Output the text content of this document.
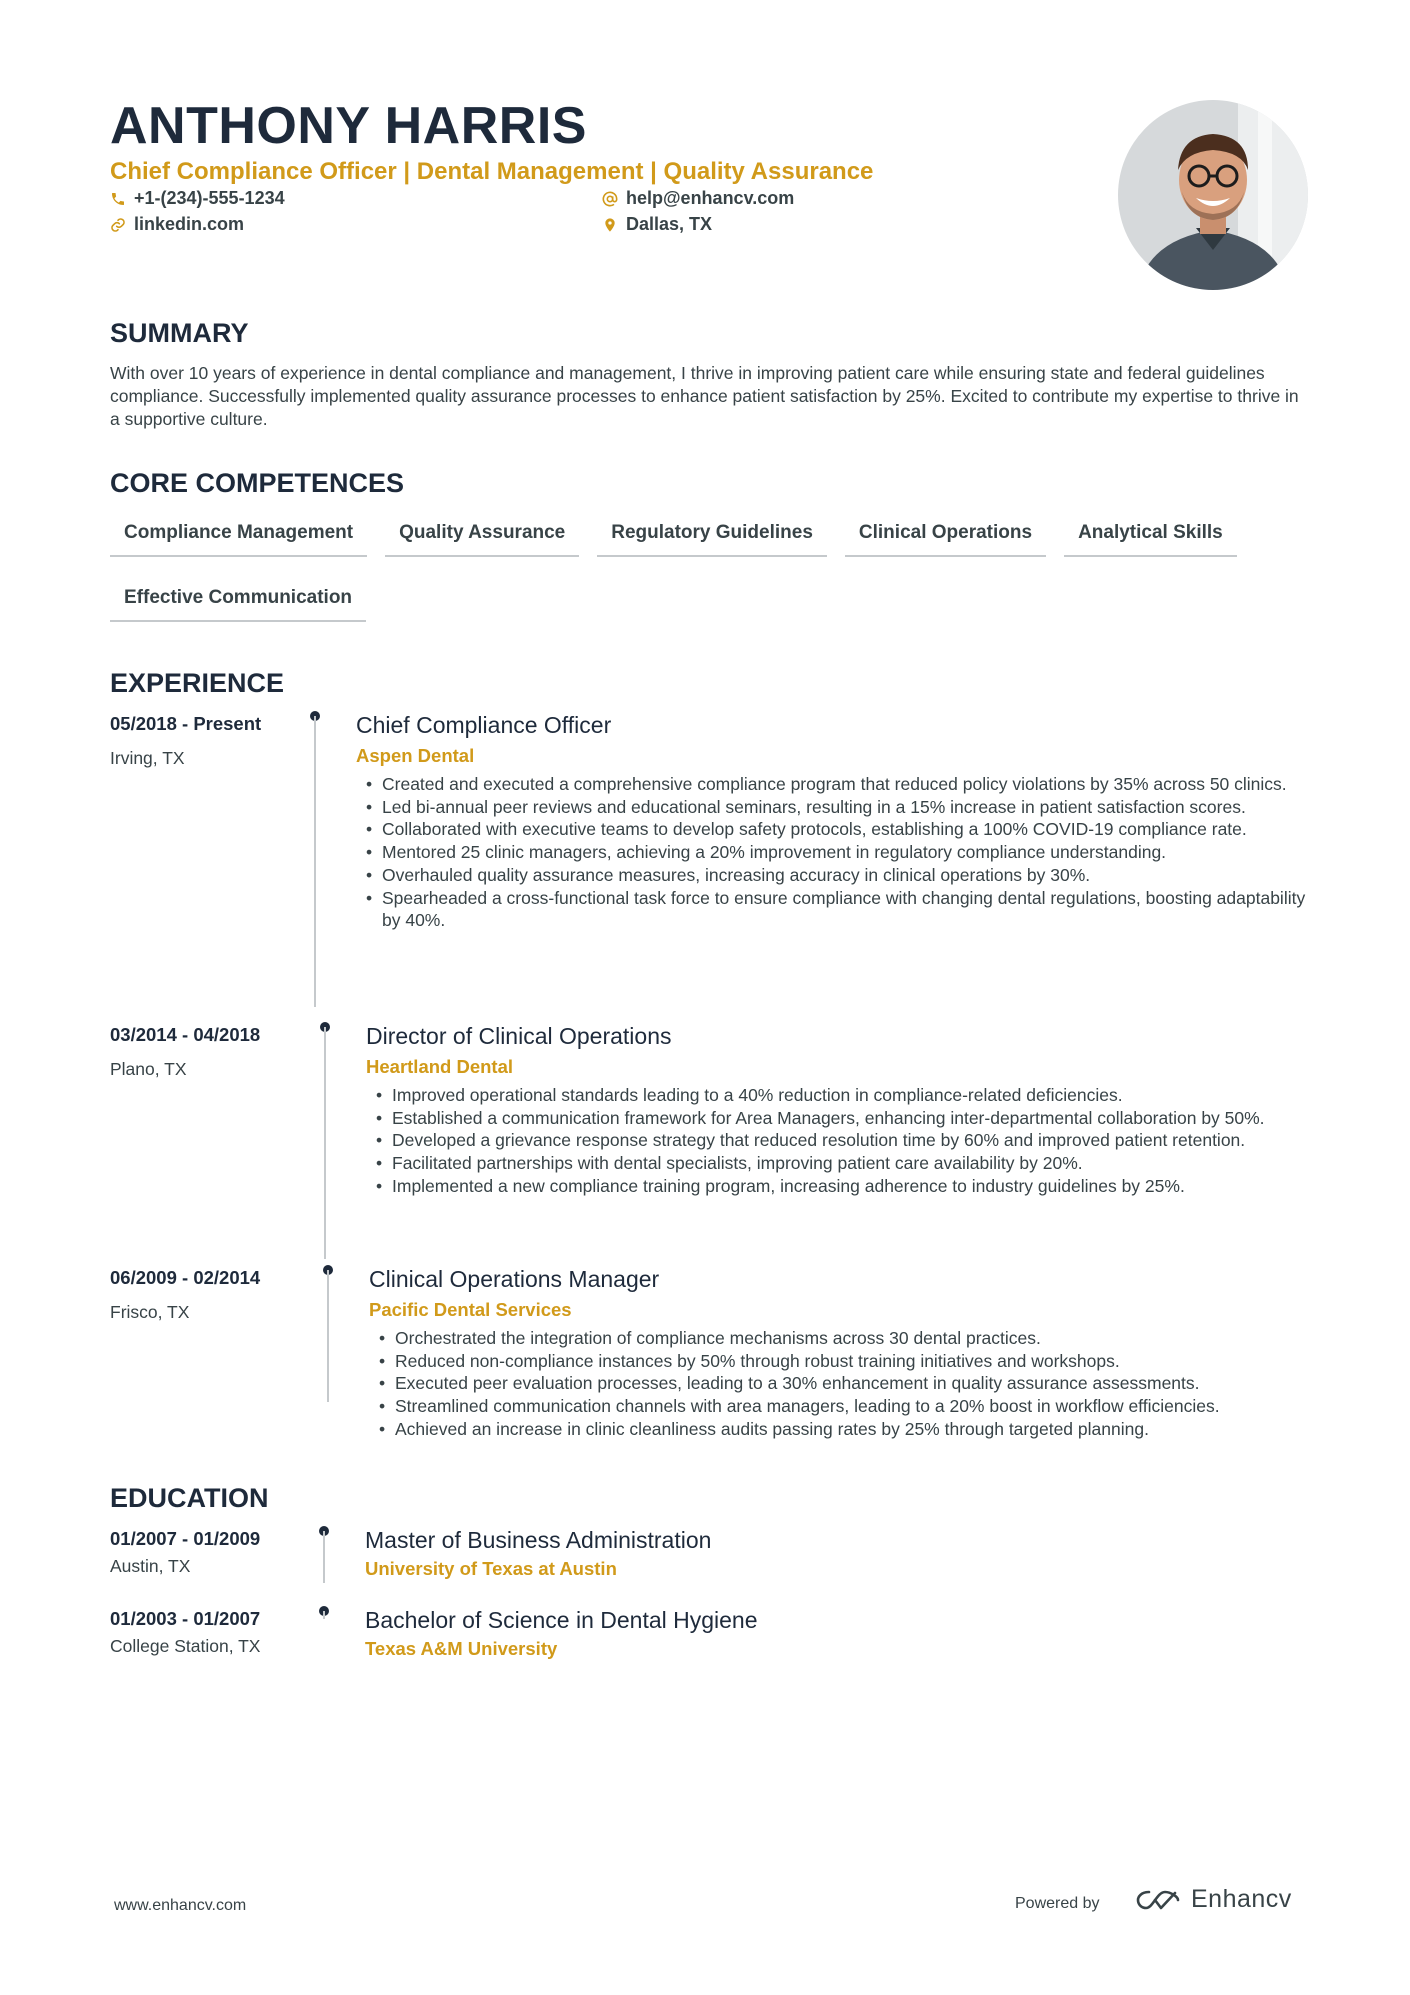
ANTHONY HARRIS
Chief Compliance Officer | Dental Management | Quality Assurance
+1-(234)-555-1234	help@enhancv.com
linkedin.com	Dallas, TX
SUMMARY
With over 10 years of experience in dental compliance and management, I thrive in improving patient care while ensuring state and federal guidelines compliance. Successfully implemented quality assurance processes to enhance patient satisfaction by 25%. Excited to contribute my expertise to thrive in a supportive culture.
CORE COMPETENCES
Compliance Management	Quality Assurance	Regulatory Guidelines	Clinical Operations	Analytical Skills
Effective Communication
EXPERIENCE
05/2018 - Present
Irving, TX
Chief Compliance Officer
Aspen Dental
• Created and executed a comprehensive compliance program that reduced policy violations by 35% across 50 clinics.
• Led bi-annual peer reviews and educational seminars, resulting in a 15% increase in patient satisfaction scores.
• Collaborated with executive teams to develop safety protocols, establishing a 100% COVID-19 compliance rate.
• Mentored 25 clinic managers, achieving a 20% improvement in regulatory compliance understanding.
• Overhauled quality assurance measures, increasing accuracy in clinical operations by 30%.
• Spearheaded a cross-functional task force to ensure compliance with changing dental regulations, boosting adaptability by 40%.
03/2014 - 04/2018
Plano, TX
Director of Clinical Operations
Heartland Dental
• Improved operational standards leading to a 40% reduction in compliance-related deficiencies.
• Established a communication framework for Area Managers, enhancing inter-departmental collaboration by 50%.
• Developed a grievance response strategy that reduced resolution time by 60% and improved patient retention.
• Facilitated partnerships with dental specialists, improving patient care availability by 20%.
• Implemented a new compliance training program, increasing adherence to industry guidelines by 25%.
06/2009 - 02/2014
Frisco, TX
Clinical Operations Manager
Pacific Dental Services
• Orchestrated the integration of compliance mechanisms across 30 dental practices.
• Reduced non-compliance instances by 50% through robust training initiatives and workshops.
• Executed peer evaluation processes, leading to a 30% enhancement in quality assurance assessments.
• Streamlined communication channels with area managers, leading to a 20% boost in workflow efficiencies.
• Achieved an increase in clinic cleanliness audits passing rates by 25% through targeted planning.
EDUCATION
01/2007 - 01/2009
Austin, TX
Master of Business Administration
University of Texas at Austin
01/2003 - 01/2007
College Station, TX
Bachelor of Science in Dental Hygiene
Texas A&M University
www.enhancv.com	Powered by	Enhancv
